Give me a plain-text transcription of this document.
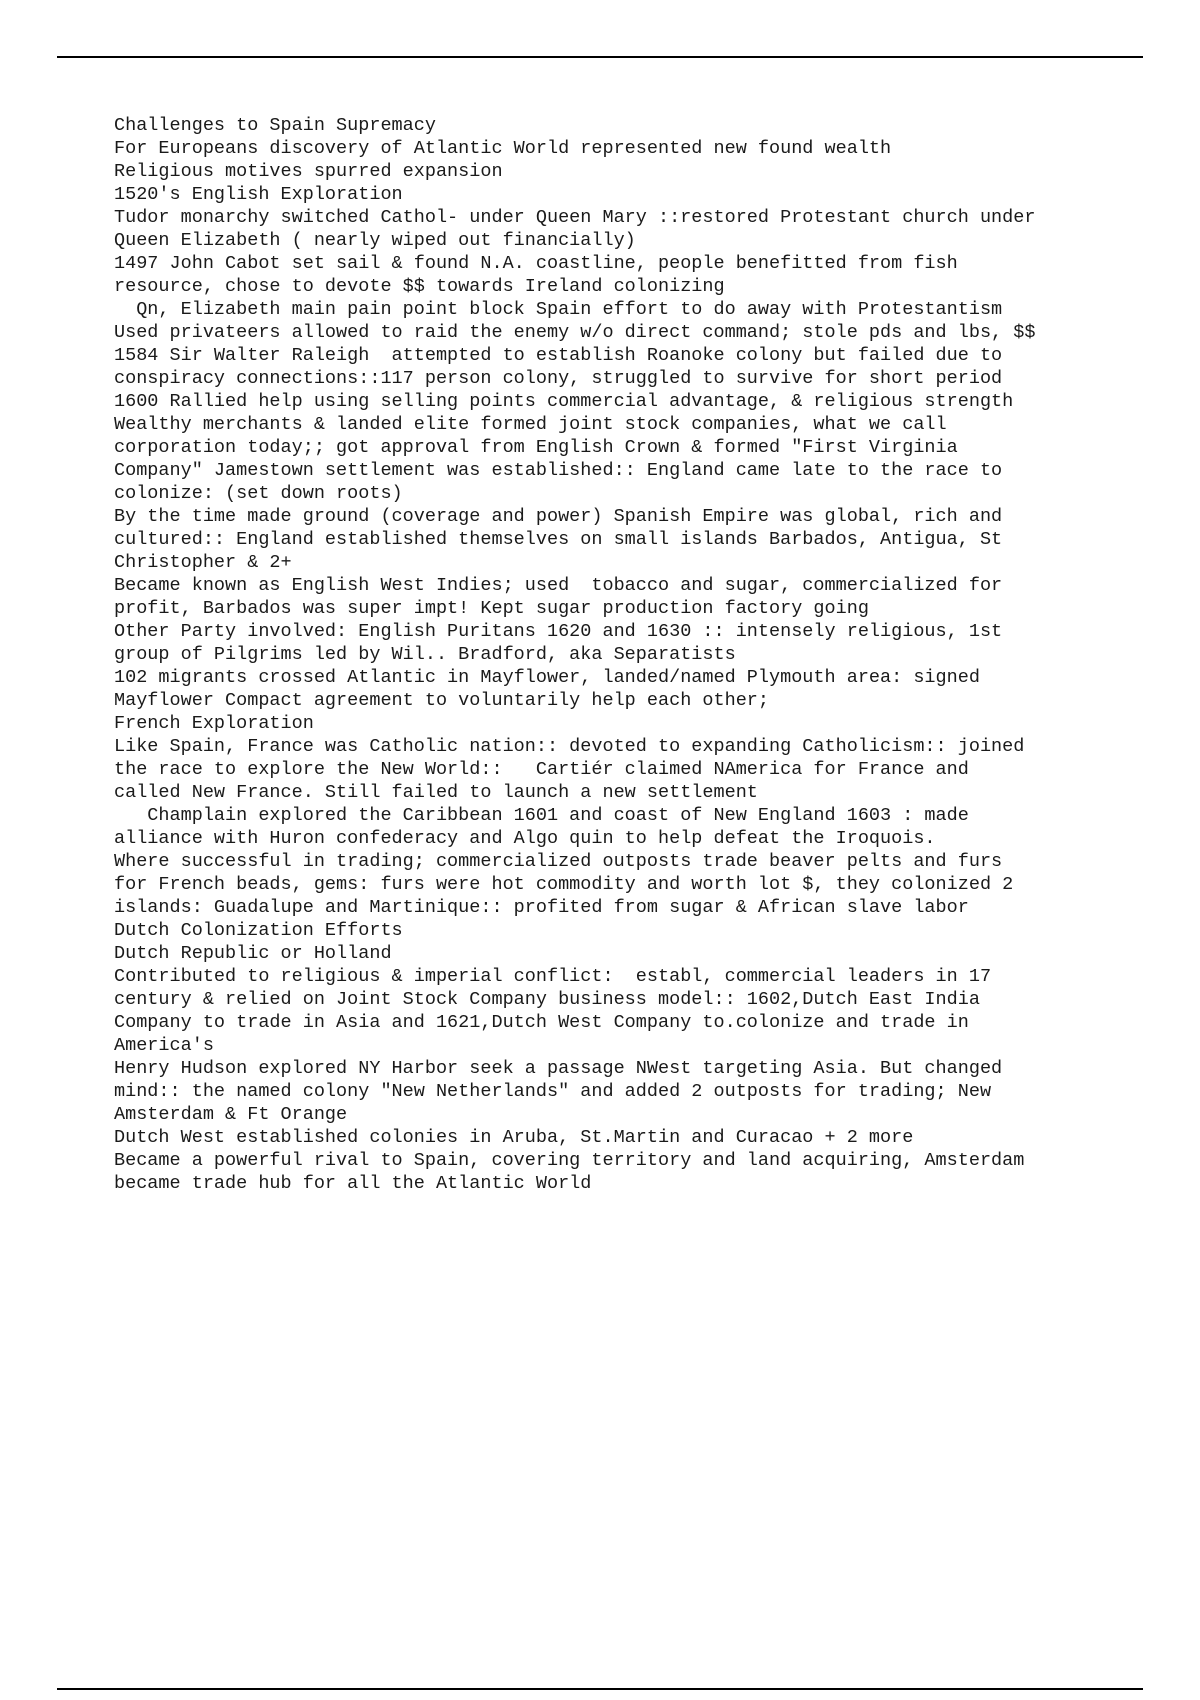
Challenges to Spain Supremacy
For Europeans discovery of Atlantic World represented new found wealth
Religious motives spurred expansion
1520's English Exploration
Tudor monarchy switched Cathol- under Queen Mary ::restored Protestant church under
Queen Elizabeth ( nearly wiped out financially)
1497 John Cabot set sail & found N.A. coastline, people benefitted from fish
resource, chose to devote $$ towards Ireland colonizing
Qn, Elizabeth main pain point block Spain effort to do away with Protestantism
Used privateers allowed to raid the enemy w/o direct command; stole pds and lbs, $$
1584 Sir Walter Raleigh  attempted to establish Roanoke colony but failed due to
conspiracy connections::117 person colony, struggled to survive for short period
1600 Rallied help using selling points commercial advantage, & religious strength
Wealthy merchants & landed elite formed joint stock companies, what we call
corporation today;; got approval from English Crown & formed "First Virginia
Company" Jamestown settlement was established:: England came late to the race to
colonize: (set down roots)
By the time made ground (coverage and power) Spanish Empire was global, rich and
cultured:: England established themselves on small islands Barbados, Antigua, St
Christopher & 2+
Became known as English West Indies; used  tobacco and sugar, commercialized for
profit, Barbados was super impt! Kept sugar production factory going
Other Party involved: English Puritans 1620 and 1630 :: intensely religious, 1st
group of Pilgrims led by Wil.. Bradford, aka Separatists
102 migrants crossed Atlantic in Mayflower, landed/named Plymouth area: signed
Mayflower Compact agreement to voluntarily help each other;
French Exploration
Like Spain, France was Catholic nation:: devoted to expanding Catholicism:: joined
the race to explore the New World::   Cartiér claimed NAmerica for France and
called New France. Still failed to launch a new settlement
Champlain explored the Caribbean 1601 and coast of New England 1603 : made
alliance with Huron confederacy and Algo quin to help defeat the Iroquois.
Where successful in trading; commercialized outposts trade beaver pelts and furs
for French beads, gems: furs were hot commodity and worth lot $, they colonized 2
islands: Guadalupe and Martinique:: profited from sugar & African slave labor
Dutch Colonization Efforts
Dutch Republic or Holland
Contributed to religious & imperial conflict:  establ, commercial leaders in 17
century & relied on Joint Stock Company business model:: 1602,Dutch East India
Company to trade in Asia and 1621,Dutch West Company to.colonize and trade in
America's
Henry Hudson explored NY Harbor seek a passage NWest targeting Asia. But changed
mind:: the named colony "New Netherlands" and added 2 outposts for trading; New
Amsterdam & Ft Orange
Dutch West established colonies in Aruba, St.Martin and Curacao + 2 more
Became a powerful rival to Spain, covering territory and land acquiring, Amsterdam
became trade hub for all the Atlantic World
